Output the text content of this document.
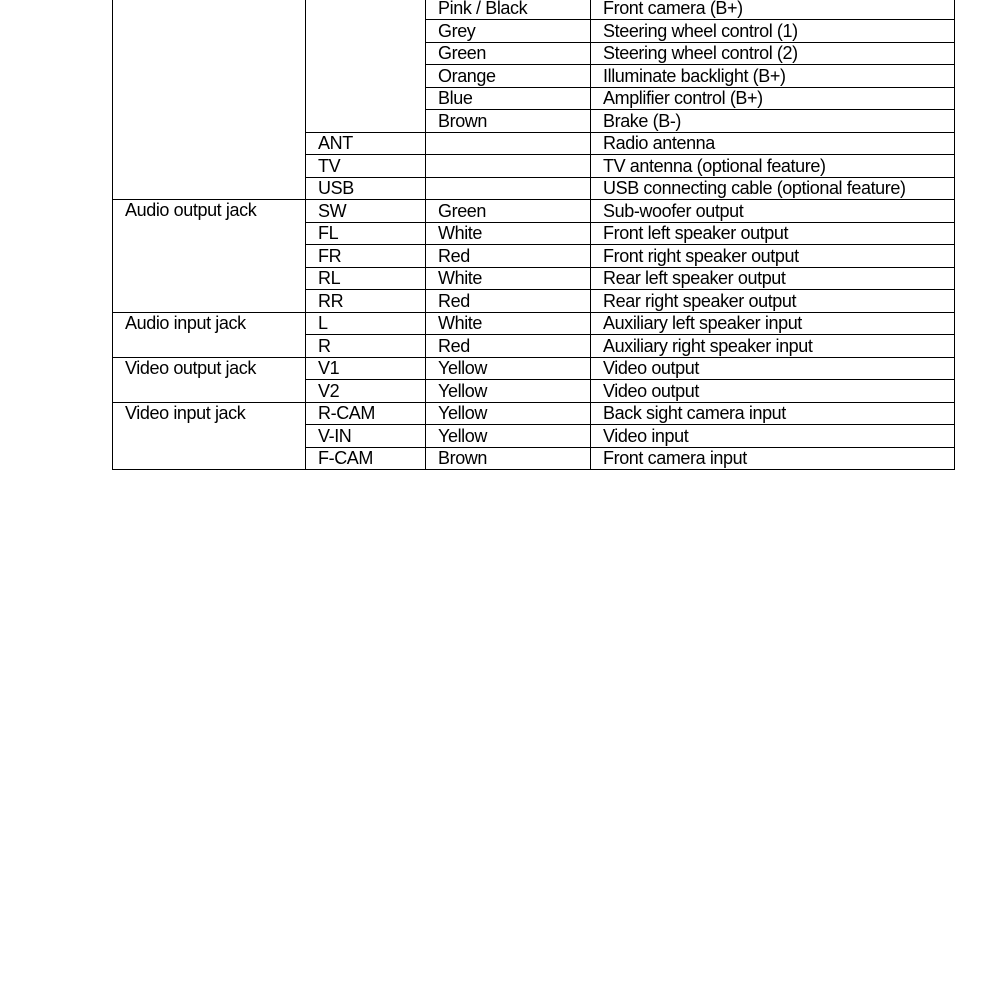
		Pink / Black	Front camera (B+)
		Grey	Steering wheel control (1)
		Green	Steering wheel control (2)
		Orange	Illuminate backlight (B+)
		Blue	Amplifier control (B+)
		Brown	Brake (B-)
	ANT		Radio antenna
	TV		TV antenna (optional feature)
	USB		USB connecting cable (optional feature)
Audio output jack	SW	Green	Sub-woofer output
	FL	White	Front left speaker output
	FR	Red	Front right speaker output
	RL	White	Rear left speaker output
	RR	Red	Rear right speaker output
Audio input jack	L	White	Auxiliary left speaker input
	R	Red	Auxiliary right speaker input
Video output jack	V1	Yellow	Video output
	V2	Yellow	Video output
Video input jack	R-CAM	Yellow	Back sight camera input
	V-IN	Yellow	Video input
	F-CAM	Brown	Front camera input
